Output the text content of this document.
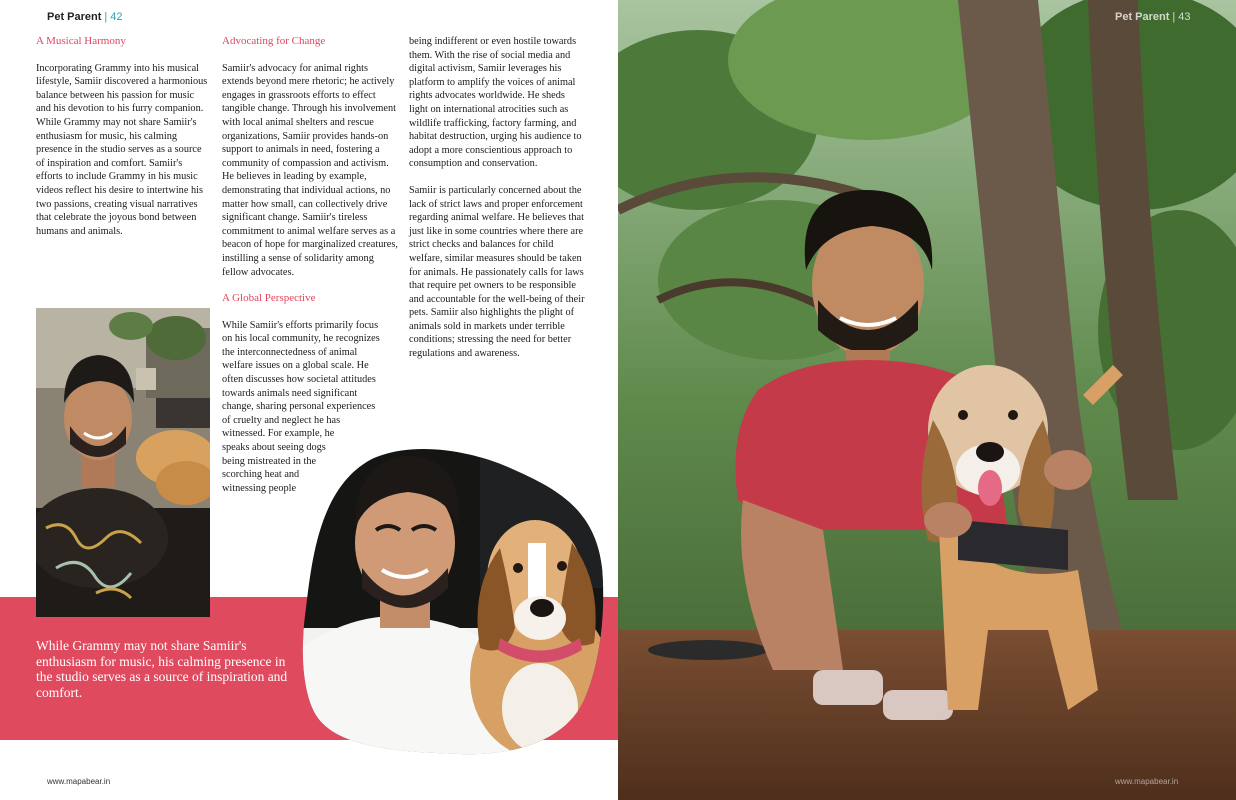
Pet Parent | 42
A Musical Harmony

Incorporating Grammy into his musical lifestyle, Samiir discovered a harmonious balance between his passion for music and his devotion to his furry companion. While Grammy may not share Samiir's enthusiasm for music, his calming presence in the studio serves as a source of inspiration and comfort. Samiir's efforts to include Grammy in his music videos reflect his desire to intertwine his two passions, creating visual narratives that celebrate the joyous bond between humans and animals.

Advocating for Change

Samiir's advocacy for animal rights extends beyond mere rhetoric; he actively engages in grassroots efforts to effect tangible change. Through his involvement with local animal shelters and rescue organizations, Samiir provides hands-on support to animals in need, fostering a community of compassion and activism. He believes in leading by example, demonstrating that individual actions, no matter how small, can collectively drive significant change. Samiir's tireless commitment to animal welfare serves as a beacon of hope for marginalized creatures, instilling a sense of solidarity among fellow advocates.

A Global Perspective
While Samiir's efforts primarily focus
on his local community, he recognizes
the interconnectedness of animal
welfare issues on a global scale. He
often discusses how societal attitudes
towards animals need significant
change, sharing personal experiences
of cruelty and neglect he has
witnessed. For example, he
speaks about seeing dogs
being mistreated in the
scorching heat and
witnessing people

being indifferent or even hostile towards them. With the rise of social media and digital activism, Samiir leverages his platform to amplify the voices of animal rights advocates worldwide. He sheds light on international atrocities such as wildlife trafficking, factory farming, and habitat destruction, urging his audience to adopt a more conscientious approach to consumption and conservation.

Samiir is particularly concerned about the lack of strict laws and proper enforcement regarding animal welfare. He believes that just like in some countries where there are strict checks and balances for child welfare, similar measures should be taken for animals. He passionately calls for laws that require pet owners to be responsible and accountable for the well-being of their pets. Samiir also highlights the plight of animals sold in markets under terrible conditions; stressing the need for better regulations and awareness.

While Grammy may not share Samiir's enthusiasm for music, his calming presence in the studio serves as a source of inspiration and comfort.
www.mapabear.in
Pet Parent | 43
www.mapabear.in
